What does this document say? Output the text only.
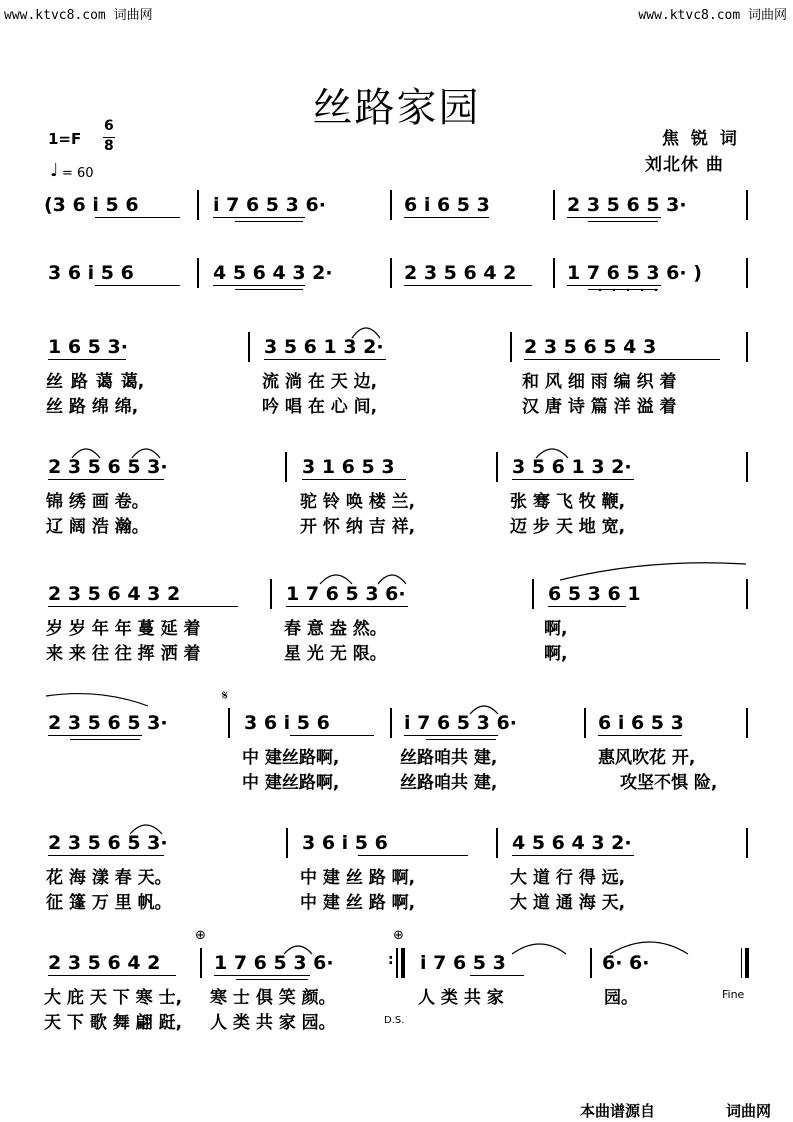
www.ktvc8.com 词曲网	www.ktvc8.com 词曲网
丝路家园
1=F
6
8
♩ = 60
焦 锐 词
刘北休 曲
(3 6 i 5 6	i 7 6 5 3 6·	6 i 6 5 3	2 3 5 6 5 3·
3 6 i 5 6	4 5 6 4 3 2·	2 3 5 6 4 2	1 7 6 5 3 6· )
1 6 5 3·	3 5 6 1 3 2·	2 3 5 6 5 4 3
丝 路 蔼 蔼,	流 淌 在 天 边,	和 风 细 雨 编 织 着
丝 路 绵 绵,	吟 唱 在 心 间,	汉 唐 诗 篇 洋 溢 着
2 3 5 6 5 3·	3 1 6 5 3	3 5 6 1 3 2·
锦 绣 画 卷。	驼 铃 唤 楼 兰,	张 骞 飞 牧 鞭,
辽 阔 浩 瀚。	开 怀 纳 吉 祥,	迈 步 天 地 宽,
2 3 5 6 4 3 2	1 7 6 5 3 6·	6 5 3 6 1
岁 岁 年 年 蔓 延 着	春 意 盎 然。	啊,
来 来 往 往 挥 洒 着	星 光 无 限。	啊,
𝄋
2 3 5 6 5 3·	3 6 i 5 6	i 7 6 5 3 6·	6 i 6 5 3
中 建丝路啊,	丝路咱共 建,	惠风吹花 开,
中 建丝路啊,	丝路咱共 建,	攻坚不惧 险,
2 3 5 6 5 3·	3 6 i 5 6	4 5 6 4 3 2·
花 海 漾 春 天。	中 建 丝 路 啊,	大 道 行 得 远,
征 篷 万 里 帆。	中 建 丝 路 啊,	大 道 通 海 天,
⊕	⊕
2 3 5 6 4 2	1 7 6 5 3 6·	: i 7 6 5 3	6· 6·
大 庇 天 下 寒 士, 寒 士 俱 笑 颜。	人 类 共 家	园。	Fine
天 下 歌 舞 翩 跹, 人 类 共 家 园。	D.S.
本曲谱源自	词曲网
